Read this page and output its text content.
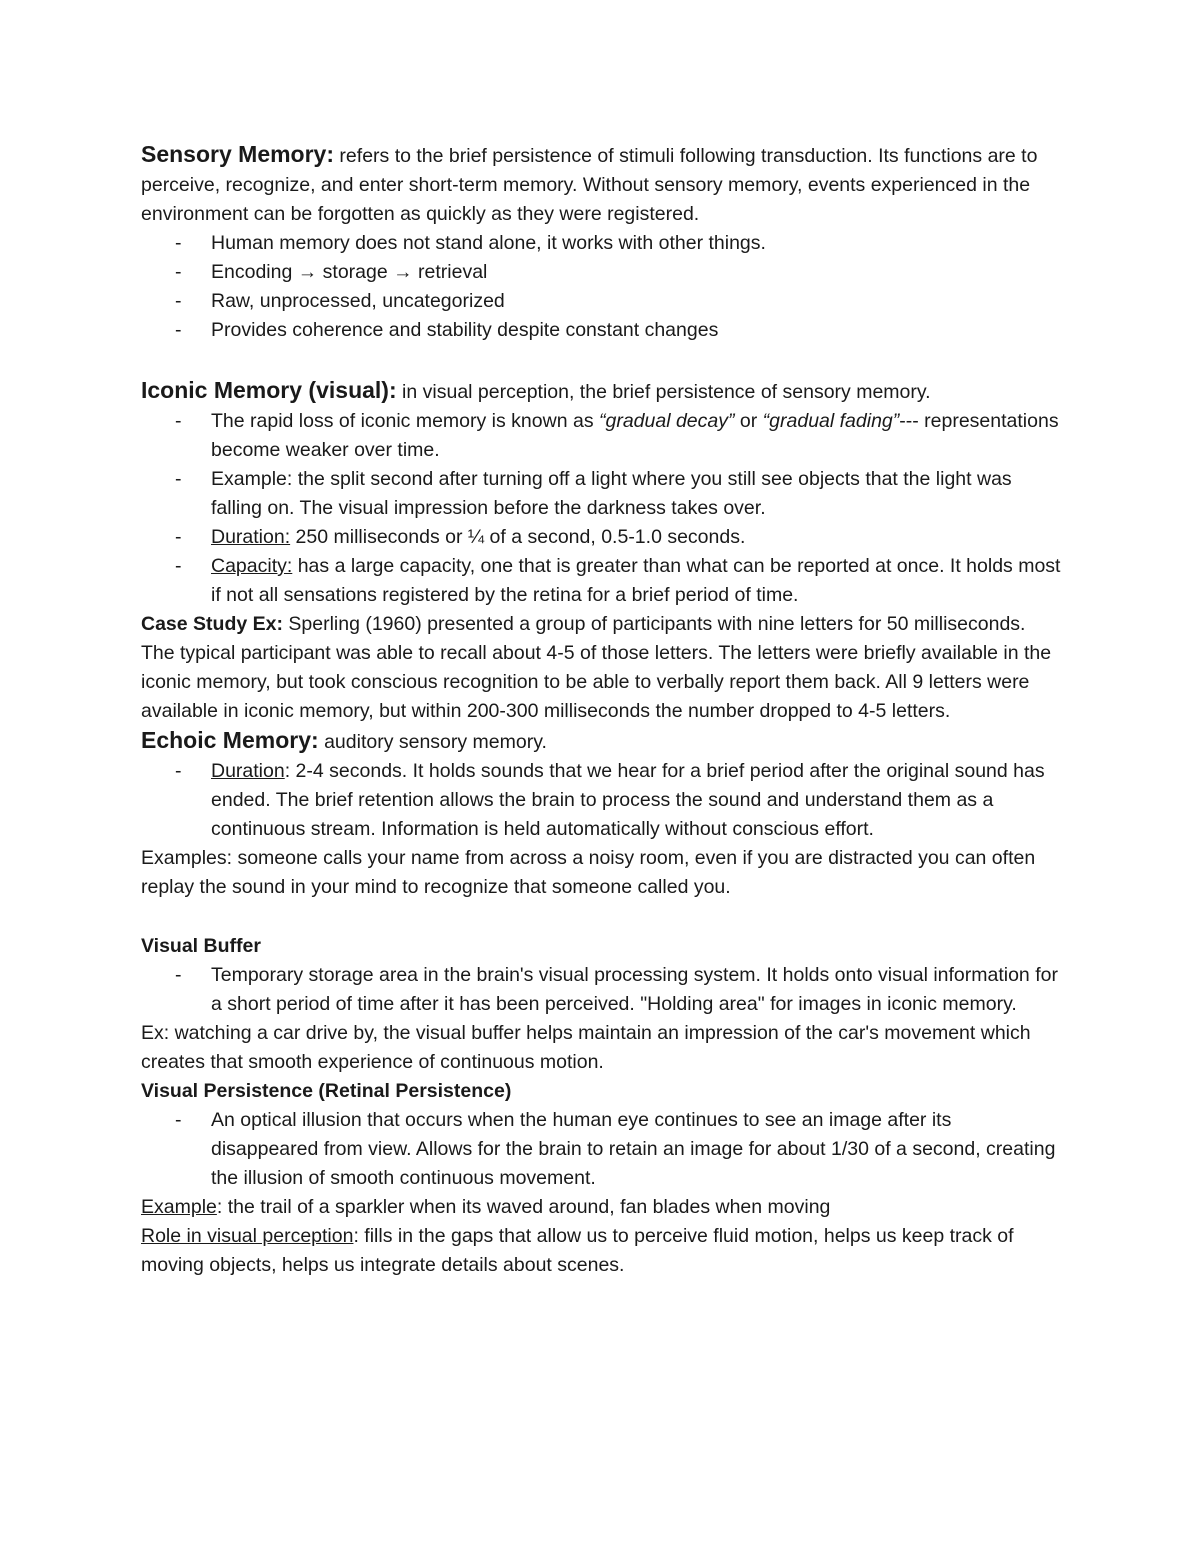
Sensory Memory: refers to the brief persistence of stimuli following transduction. Its functions are to perceive, recognize, and enter short-term memory. Without sensory memory, events experienced in the environment can be forgotten as quickly as they were registered.

- Human memory does not stand alone, it works with other things.
- Encoding → storage → retrieval
- Raw, unprocessed, uncategorized
- Provides coherence and stability despite constant changes

Iconic Memory (visual): in visual perception, the brief persistence of sensory memory.

- The rapid loss of iconic memory is known as “gradual decay” or “gradual fading”--- representations become weaker over time.
- Example: the split second after turning off a light where you still see objects that the light was falling on. The visual impression before the darkness takes over.
- Duration: 250 milliseconds or ¼ of a second, 0.5-1.0 seconds.
- Capacity: has a large capacity, one that is greater than what can be reported at once. It holds most if not all sensations registered by the retina for a brief period of time.

Case Study Ex: Sperling (1960) presented a group of participants with nine letters for 50 milliseconds. The typical participant was able to recall about 4-5 of those letters. The letters were briefly available in the iconic memory, but took conscious recognition to be able to verbally report them back. All 9 letters were available in iconic memory, but within 200-300 milliseconds the number dropped to 4-5 letters.

Echoic Memory: auditory sensory memory.

- Duration: 2-4 seconds. It holds sounds that we hear for a brief period after the original sound has ended. The brief retention allows the brain to process the sound and understand them as a continuous stream. Information is held automatically without conscious effort.

Examples: someone calls your name from across a noisy room, even if you are distracted you can often replay the sound in your mind to recognize that someone called you.

Visual Buffer

- Temporary storage area in the brain's visual processing system. It holds onto visual information for a short period of time after it has been perceived. "Holding area" for images in iconic memory.

Ex: watching a car drive by, the visual buffer helps maintain an impression of the car's movement which creates that smooth experience of continuous motion.

Visual Persistence (Retinal Persistence)

- An optical illusion that occurs when the human eye continues to see an image after its disappeared from view. Allows for the brain to retain an image for about 1/30 of a second, creating the illusion of smooth continuous movement.

Example: the trail of a sparkler when its waved around, fan blades when moving

Role in visual perception: fills in the gaps that allow us to perceive fluid motion, helps us keep track of moving objects, helps us integrate details about scenes.
